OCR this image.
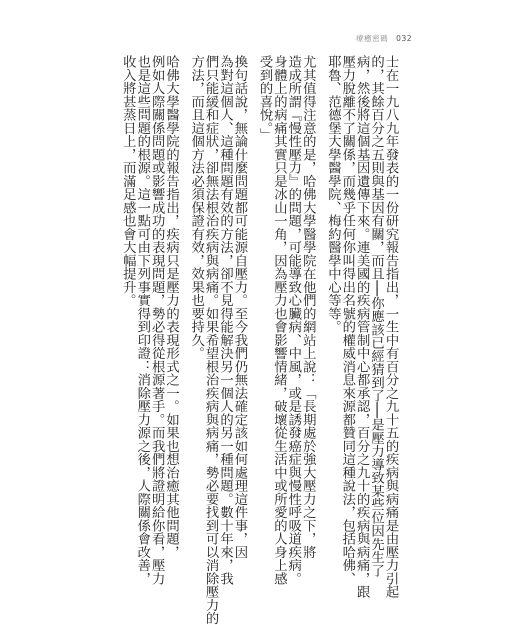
療癒密碼 032
士在一九八九年發表的一份研究報告指出，一生中有百分之九十五的疾病與病痛是由壓力引起
的，其餘百分之五則與基因有關，而且──你應該已經猜到了──是壓力導致某些位因先生了
病，然後將這個基因遺傳下來。連美國的疾病管制中心都承認，百分之九十的疾病與病痛，跟
壓力脫離不了關係，而幾乎任何你叫得出名號的權威消息來源都贊同這種說法，包括哈佛、
耶魯、范德堡大學醫學院、梅約醫學中心等等。
尤其值得注意的是，哈佛大學醫學院在他們的網站上說：「長期處於強大壓力之下，將
造成所謂『慢性壓力』的問題，可能導致心臟病、中風，或是誘發癌症與慢性呼吸道疾病。
身體上的病痛其實只是冰山一角，因為壓力也會影響情緒，破壞從生活中或所愛的人身上感
受到的喜悅。」
換句話說，無論什麼問題都可能源自壓力。至今我們仍無法確定該如何處理這件事，因
為對這個人、這種問題有效的方法，卻不見得能解決另一個人的另一種問題。數十年來，我
們只能緩和症狀，卻無法根治疾病與病痛。如果希望根治疾病與病痛，勢必要找到可以消除壓力的
方法，而且這個方法必須保證有效，效果也要持久。
哈佛大學醫學院的報告指出，疾病只是壓力的表現形式之一。如果也想治癒其他問題，
例如人際關係問題或影響成功的表現問題，勢必得從根源著手。而我們將證明給你看，壓力
也是這些問題的根源。這一點可由下列事實得到印證：消除壓力源之後，人際關係會改善，
收入將甚蒸日上，而滿足感也會大幅提升。
